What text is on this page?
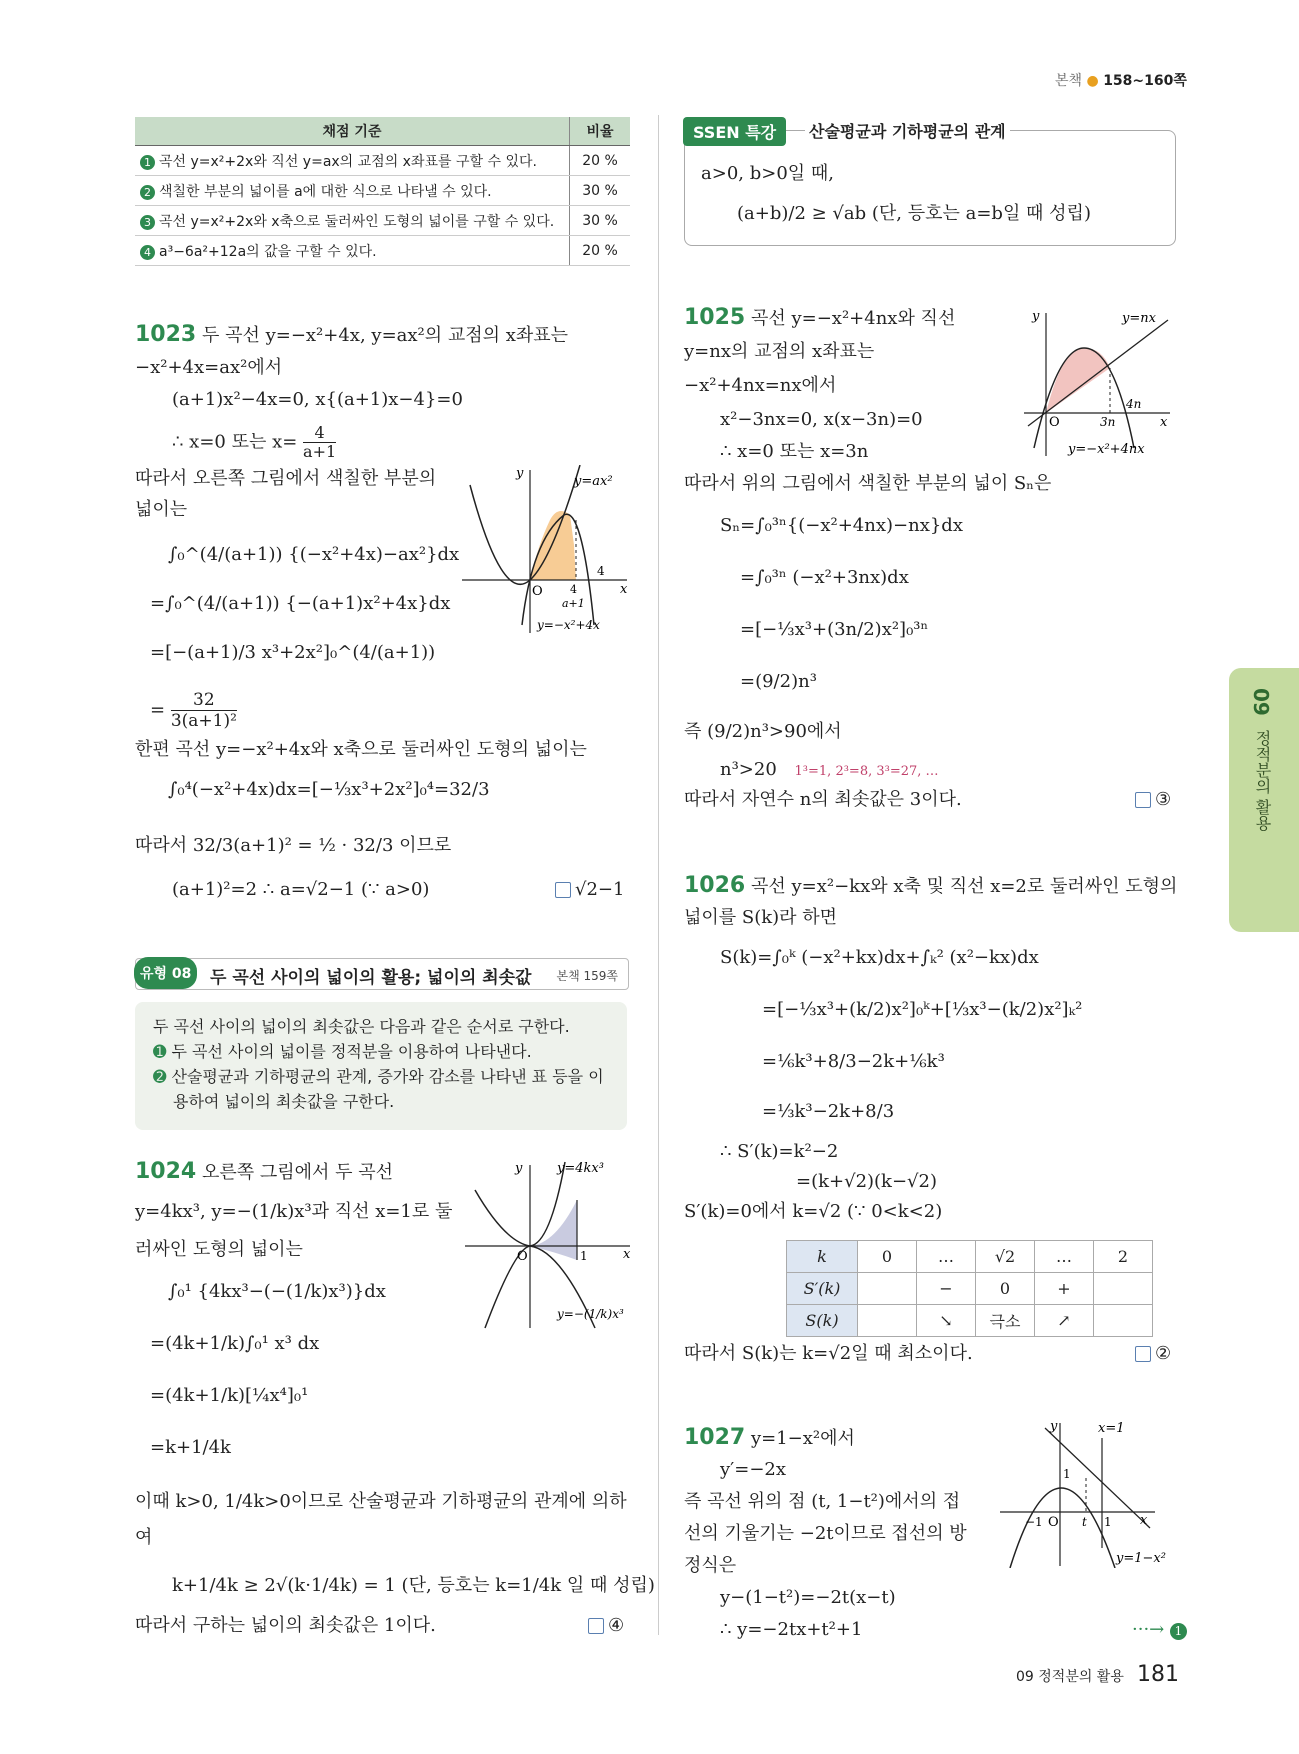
본책 ● 158~160쪽
채점 기준	비율
1 곡선 y=x²+2x와 직선 y=ax의 교점의 x좌표를 구할 수 있다.	20 %
2 색칠한 부분의 넓이를 a에 대한 식으로 나타낼 수 있다.	30 %
3 곡선 y=x²+2x와 x축으로 둘러싸인 도형의 넓이를 구할 수 있다.	30 %
4 a³−6a²+12a의 값을 구할 수 있다.	20 %
1023 두 곡선 y=−x²+4x, y=ax²의 교점의 x좌표는
−x²+4x=ax²에서
(a+1)x²−4x=0, x{(a+1)x−4}=0
∴ x=0 또는 $x= \frac{4}{a+1}$
따라서 오른쪽 그림에서 색칠한 부분의
넓이는
∫₀^(4/(a+1)) {(−x²+4x)−ax²}dx
=∫₀^(4/(a+1)) {−(a+1)x²+4x}dx
=[−(a+1)/3 x³+2x²]₀^(4/(a+1))
= $\frac{32}{\text{3(a+1)²}}$
한편 곡선 y=−x²+4x와 x축으로 둘러싸인 도형의 넓이는
∫₀⁴(−x²+4x)dx=[−⅓x³+2x²]₀⁴=32/3
따라서 32/3(a+1)² = ½ · 32/3 이므로
(a+1)²=2 ∴ a=√2−1 (∵ a>0)	√2−1
y
x
O
y=ax²
4
4
a+1
y=−x²+4x
유형 08	두 곡선 사이의 넓이의 활용; 넓이의 최솟값 본책 159쪽
두 곡선 사이의 넓이의 최솟값은 다음과 같은 순서로 구한다.
➊ 두 곡선 사이의 넓이를 정적분을 이용하여 나타낸다.
➋ 산술평균과 기하평균의 관계, 증가와 감소를 나타낸 표 등을 이
용하여 넓이의 최솟값을 구한다.
1024 오른쪽 그림에서 두 곡선
y=4kx³, y=−(1/k)x³과 직선 x=1로 둘
러싸인 도형의 넓이는
∫₀¹ {4kx³−(−(1/k)x³)}dx
=(4k+1/k)∫₀¹ x³ dx
=(4k+1/k)[¼x⁴]₀¹
=k+1/4k
이때 k>0, 1/4k>0이므로 산술평균과 기하평균의 관계에 의하
여
k+1/4k ≥ 2√(k·1/4k) = 1 (단, 등호는 k=1/4k 일 때 성립)
따라서 구하는 넓이의 최솟값은 1이다.	④
y
x
O	1
y=4kx³
y=−(1/k)x³
SSEN 특강	산술평균과 기하평균의 관계
a>0, b>0일 때,
(a+b)/2 ≥ √ab (단, 등호는 a=b일 때 성립)
1025 곡선 y=−x²+4nx와 직선
y=nx의 교점의 x좌표는
−x²+4nx=nx에서
x²−3nx=0, x(x−3n)=0
∴ x=0 또는 x=3n
따라서 위의 그림에서 색칠한 부분의 넓이 Sₙ은
Sₙ=∫₀³ⁿ{(−x²+4nx)−nx}dx
=∫₀³ⁿ (−x²+3nx)dx
=[−⅓x³+(3n/2)x²]₀³ⁿ
=(9/2)n³
즉 (9/2)n³>90에서
n³>20 1³=1, 2³=8, 3³=27, …
따라서 자연수 n의 최솟값은 3이다.	③
y
x
O	3n
4n
y=nx
y=−x²+4nx
1026 곡선 y=x²−kx와 x축 및 직선 x=2로 둘러싸인 도형의
넓이를 S(k)라 하면
S(k)=∫₀ᵏ (−x²+kx)dx+∫ₖ² (x²−kx)dx
=[−⅓x³+(k/2)x²]₀ᵏ+[⅓x³−(k/2)x²]ₖ²
=⅙k³+8/3−2k+⅙k³
=⅓k³−2k+8/3
∴ S′(k)=k²−2
=(k+√2)(k−√2)
S′(k)=0에서 k=√2 (∵ 0<k<2)
k	0	…	√2	…	2
S′(k)		−	0	+	
S(k)		↘	극소	↗	
따라서 S(k)는 k=√2일 때 최소이다.	②
1027 y=1−x²에서
y′=−2x
즉 곡선 위의 점 (t, 1−t²)에서의 접
선의 기울기는 −2t이므로 접선의 방
정식은
y−(1−t²)=−2t(x−t)
∴ y=−2tx+t²+1	···→ 1
y
x
O
−1	t 1
1
x=1
y=1−x²
09
정적분의 활용
09 정적분의 활용 181
